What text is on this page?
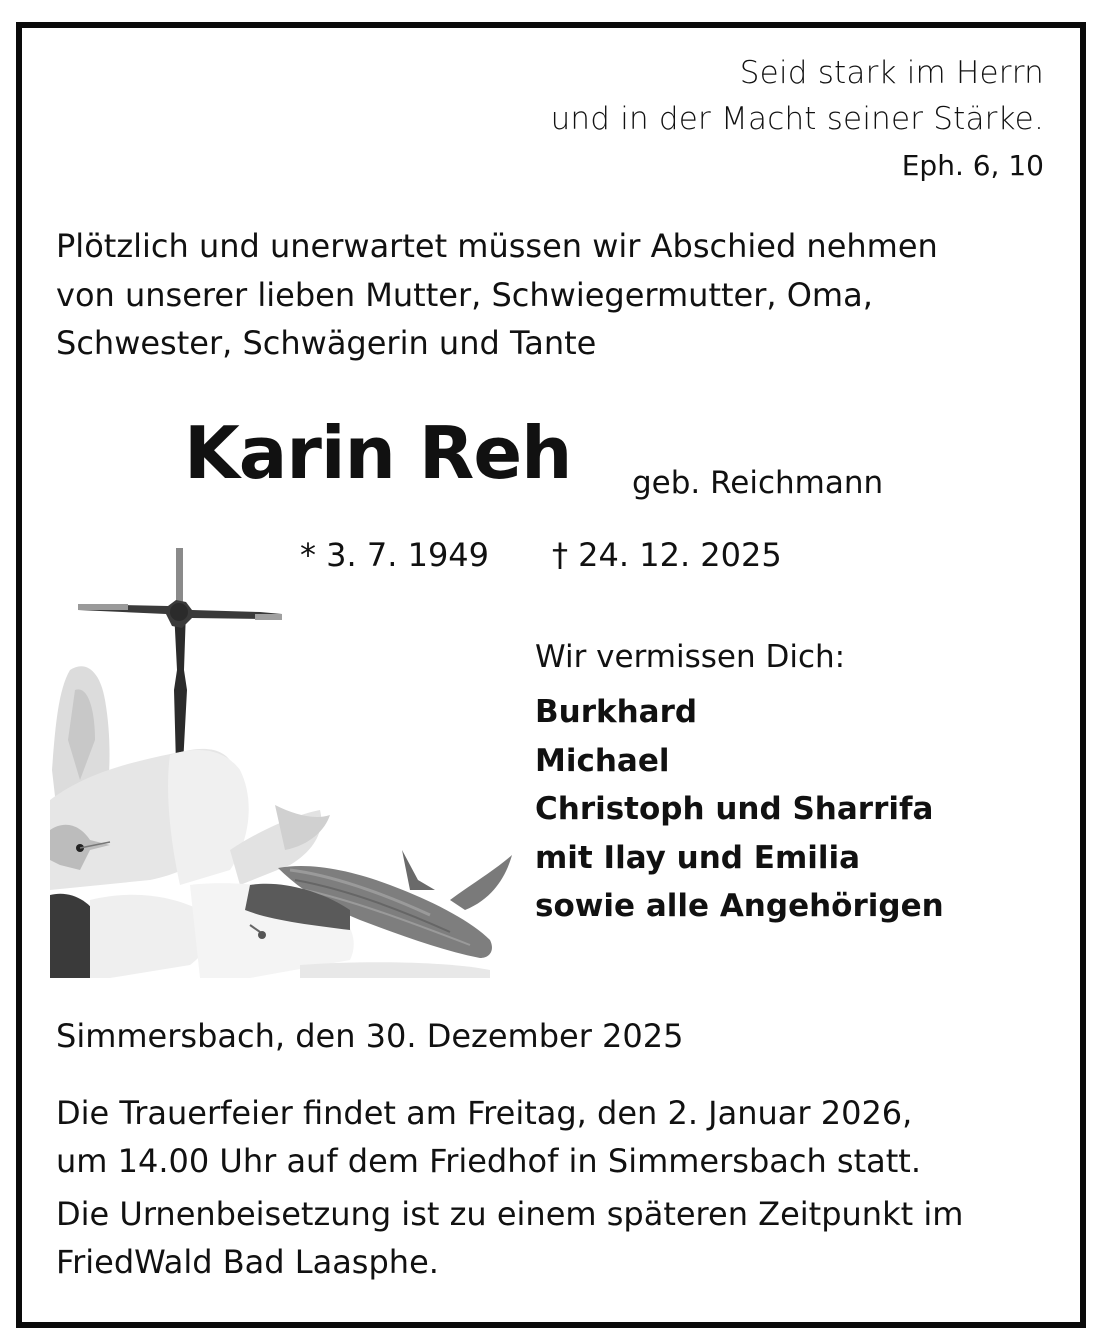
Seid stark im Herrn
und in der Macht seiner Stärke.
Eph. 6, 10
Plötzlich und unerwartet müssen wir Abschied nehmen
von unserer lieben Mutter, Schwiegermutter, Oma,
Schwester, Schwägerin und Tante
Karin Reh geb. Reichmann
* 3. 7. 1949 † 24. 12. 2025
Wir vermissen Dich:
Burkhard
Michael
Christoph und Sharrifa
mit Ilay und Emilia
sowie alle Angehörigen
Simmersbach, den 30. Dezember 2025
Die Trauerfeier findet am Freitag, den 2. Januar 2026,
um 14.00 Uhr auf dem Friedhof in Simmersbach statt.
Die Urnenbeisetzung ist zu einem späteren Zeitpunkt im
FriedWald Bad Laasphe.
